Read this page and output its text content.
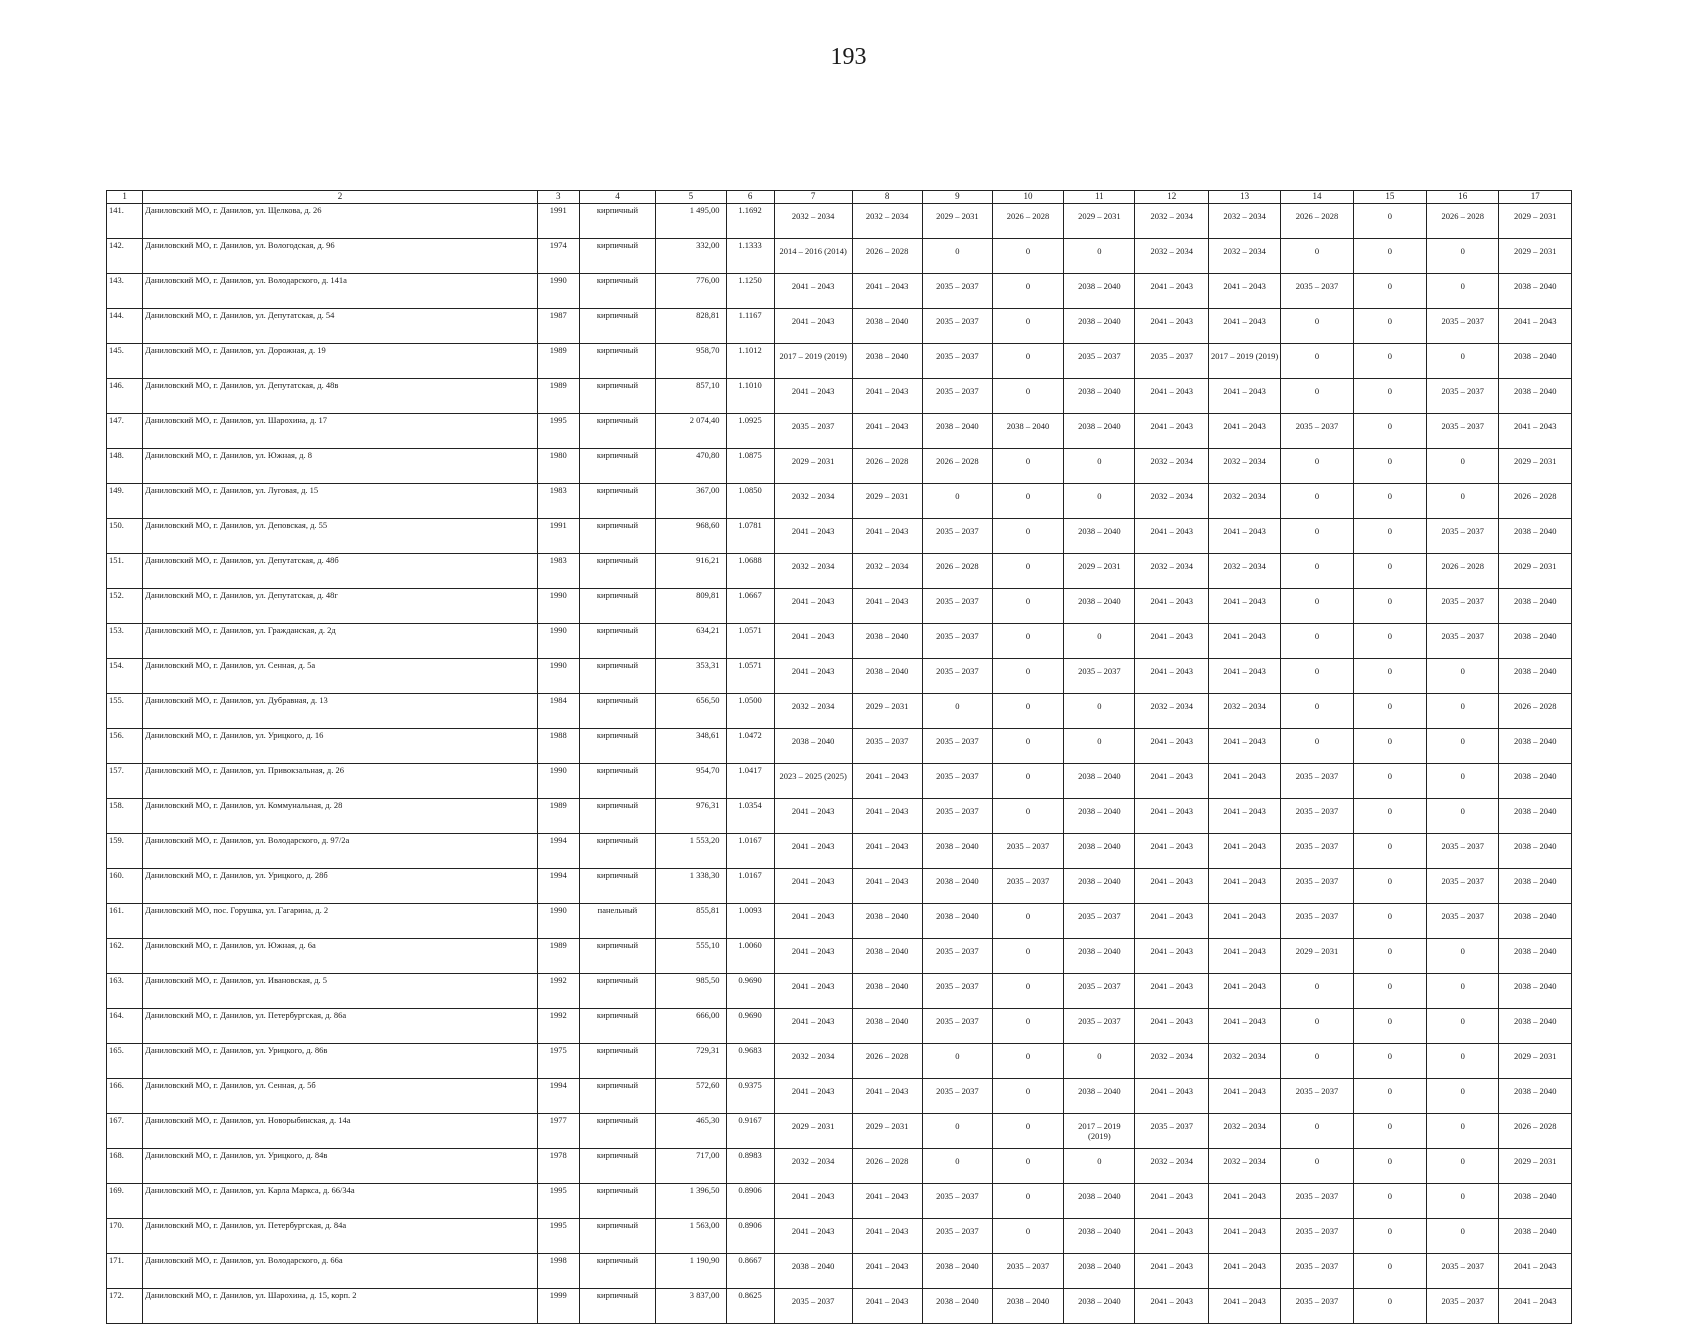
193
1	2	3	4	5	6	7	8	9	10	11	12	13	14	15	16	17
141.	Даниловский МО, г. Данилов, ул. Щелкова, д. 26	1991	кирпичный	1 495,00	1.1692	2032 – 2034	2032 – 2034	2029 – 2031	2026 – 2028	2029 – 2031	2032 – 2034	2032 – 2034	2026 – 2028	0	2026 – 2028	2029 – 2031
142.	Даниловский МО, г. Данилов, ул. Вологодская, д. 96	1974	кирпичный	332,00	1.1333	2014 – 2016 (2014)	2026 – 2028	0	0	0	2032 – 2034	2032 – 2034	0	0	0	2029 – 2031
143.	Даниловский МО, г. Данилов, ул. Володарского, д. 141а	1990	кирпичный	776,00	1.1250	2041 – 2043	2041 – 2043	2035 – 2037	0	2038 – 2040	2041 – 2043	2041 – 2043	2035 – 2037	0	0	2038 – 2040
144.	Даниловский МО, г. Данилов, ул. Депутатская, д. 54	1987	кирпичный	828,81	1.1167	2041 – 2043	2038 – 2040	2035 – 2037	0	2038 – 2040	2041 – 2043	2041 – 2043	0	0	2035 – 2037	2041 – 2043
145.	Даниловский МО, г. Данилов, ул. Дорожная, д. 19	1989	кирпичный	958,70	1.1012	2017 – 2019 (2019)	2038 – 2040	2035 – 2037	0	2035 – 2037	2035 – 2037	2017 – 2019 (2019)	0	0	0	2038 – 2040
146.	Даниловский МО, г. Данилов, ул. Депутатская, д. 48в	1989	кирпичный	857,10	1.1010	2041 – 2043	2041 – 2043	2035 – 2037	0	2038 – 2040	2041 – 2043	2041 – 2043	0	0	2035 – 2037	2038 – 2040
147.	Даниловский МО, г. Данилов, ул. Шарохина, д. 17	1995	кирпичный	2 074,40	1.0925	2035 – 2037	2041 – 2043	2038 – 2040	2038 – 2040	2038 – 2040	2041 – 2043	2041 – 2043	2035 – 2037	0	2035 – 2037	2041 – 2043
148.	Даниловский МО, г. Данилов, ул. Южная, д. 8	1980	кирпичный	470,80	1.0875	2029 – 2031	2026 – 2028	2026 – 2028	0	0	2032 – 2034	2032 – 2034	0	0	0	2029 – 2031
149.	Даниловский МО, г. Данилов, ул. Луговая, д. 15	1983	кирпичный	367,00	1.0850	2032 – 2034	2029 – 2031	0	0	0	2032 – 2034	2032 – 2034	0	0	0	2026 – 2028
150.	Даниловский МО, г. Данилов, ул. Деповская, д. 55	1991	кирпичный	968,60	1.0781	2041 – 2043	2041 – 2043	2035 – 2037	0	2038 – 2040	2041 – 2043	2041 – 2043	0	0	2035 – 2037	2038 – 2040
151.	Даниловский МО, г. Данилов, ул. Депутатская, д. 48б	1983	кирпичный	916,21	1.0688	2032 – 2034	2032 – 2034	2026 – 2028	0	2029 – 2031	2032 – 2034	2032 – 2034	0	0	2026 – 2028	2029 – 2031
152.	Даниловский МО, г. Данилов, ул. Депутатская, д. 48г	1990	кирпичный	809,81	1.0667	2041 – 2043	2041 – 2043	2035 – 2037	0	2038 – 2040	2041 – 2043	2041 – 2043	0	0	2035 – 2037	2038 – 2040
153.	Даниловский МО, г. Данилов, ул. Гражданская, д. 2д	1990	кирпичный	634,21	1.0571	2041 – 2043	2038 – 2040	2035 – 2037	0	0	2041 – 2043	2041 – 2043	0	0	2035 – 2037	2038 – 2040
154.	Даниловский МО, г. Данилов, ул. Сенная, д. 5а	1990	кирпичный	353,31	1.0571	2041 – 2043	2038 – 2040	2035 – 2037	0	2035 – 2037	2041 – 2043	2041 – 2043	0	0	0	2038 – 2040
155.	Даниловский МО, г. Данилов, ул. Дубравная, д. 13	1984	кирпичный	656,50	1.0500	2032 – 2034	2029 – 2031	0	0	0	2032 – 2034	2032 – 2034	0	0	0	2026 – 2028
156.	Даниловский МО, г. Данилов, ул. Урицкого, д. 16	1988	кирпичный	348,61	1.0472	2038 – 2040	2035 – 2037	2035 – 2037	0	0	2041 – 2043	2041 – 2043	0	0	0	2038 – 2040
157.	Даниловский МО, г. Данилов, ул. Привокзальная, д. 26	1990	кирпичный	954,70	1.0417	2023 – 2025 (2025)	2041 – 2043	2035 – 2037	0	2038 – 2040	2041 – 2043	2041 – 2043	2035 – 2037	0	0	2038 – 2040
158.	Даниловский МО, г. Данилов, ул. Коммунальная, д. 28	1989	кирпичный	976,31	1.0354	2041 – 2043	2041 – 2043	2035 – 2037	0	2038 – 2040	2041 – 2043	2041 – 2043	2035 – 2037	0	0	2038 – 2040
159.	Даниловский МО, г. Данилов, ул. Володарского, д. 97/2а	1994	кирпичный	1 553,20	1.0167	2041 – 2043	2041 – 2043	2038 – 2040	2035 – 2037	2038 – 2040	2041 – 2043	2041 – 2043	2035 – 2037	0	2035 – 2037	2038 – 2040
160.	Даниловский МО, г. Данилов, ул. Урицкого, д. 28б	1994	кирпичный	1 338,30	1.0167	2041 – 2043	2041 – 2043	2038 – 2040	2035 – 2037	2038 – 2040	2041 – 2043	2041 – 2043	2035 – 2037	0	2035 – 2037	2038 – 2040
161.	Даниловский МО, пос. Горушка, ул. Гагарина, д. 2	1990	панельный	855,81	1.0093	2041 – 2043	2038 – 2040	2038 – 2040	0	2035 – 2037	2041 – 2043	2041 – 2043	2035 – 2037	0	2035 – 2037	2038 – 2040
162.	Даниловский МО, г. Данилов, ул. Южная, д. 6а	1989	кирпичный	555,10	1.0060	2041 – 2043	2038 – 2040	2035 – 2037	0	2038 – 2040	2041 – 2043	2041 – 2043	2029 – 2031	0	0	2038 – 2040
163.	Даниловский МО, г. Данилов, ул. Ивановская, д. 5	1992	кирпичный	985,50	0.9690	2041 – 2043	2038 – 2040	2035 – 2037	0	2035 – 2037	2041 – 2043	2041 – 2043	0	0	0	2038 – 2040
164.	Даниловский МО, г. Данилов, ул. Петербургская, д. 86а	1992	кирпичный	666,00	0.9690	2041 – 2043	2038 – 2040	2035 – 2037	0	2035 – 2037	2041 – 2043	2041 – 2043	0	0	0	2038 – 2040
165.	Даниловский МО, г. Данилов, ул. Урицкого, д. 86в	1975	кирпичный	729,31	0.9683	2032 – 2034	2026 – 2028	0	0	0	2032 – 2034	2032 – 2034	0	0	0	2029 – 2031
166.	Даниловский МО, г. Данилов, ул. Сенная, д. 5б	1994	кирпичный	572,60	0.9375	2041 – 2043	2041 – 2043	2035 – 2037	0	2038 – 2040	2041 – 2043	2041 – 2043	2035 – 2037	0	0	2038 – 2040
167.	Даниловский МО, г. Данилов, ул. Новорыбинская, д. 14а	1977	кирпичный	465,30	0.9167	2029 – 2031	2029 – 2031	0	0	2017 – 2019 (2019)	2035 – 2037	2032 – 2034	0	0	0	2026 – 2028
168.	Даниловский МО, г. Данилов, ул. Урицкого, д. 84в	1978	кирпичный	717,00	0.8983	2032 – 2034	2026 – 2028	0	0	0	2032 – 2034	2032 – 2034	0	0	0	2029 – 2031
169.	Даниловский МО, г. Данилов, ул. Карла Маркса, д. 66/34а	1995	кирпичный	1 396,50	0.8906	2041 – 2043	2041 – 2043	2035 – 2037	0	2038 – 2040	2041 – 2043	2041 – 2043	2035 – 2037	0	0	2038 – 2040
170.	Даниловский МО, г. Данилов, ул. Петербургская, д. 84а	1995	кирпичный	1 563,00	0.8906	2041 – 2043	2041 – 2043	2035 – 2037	0	2038 – 2040	2041 – 2043	2041 – 2043	2035 – 2037	0	0	2038 – 2040
171.	Даниловский МО, г. Данилов, ул. Володарского, д. 66а	1998	кирпичный	1 190,90	0.8667	2038 – 2040	2041 – 2043	2038 – 2040	2035 – 2037	2038 – 2040	2041 – 2043	2041 – 2043	2035 – 2037	0	2035 – 2037	2041 – 2043
172.	Даниловский МО, г. Данилов, ул. Шарохина, д. 15, корп. 2	1999	кирпичный	3 837,00	0.8625	2035 – 2037	2041 – 2043	2038 – 2040	2038 – 2040	2038 – 2040	2041 – 2043	2041 – 2043	2035 – 2037	0	2035 – 2037	2041 – 2043
